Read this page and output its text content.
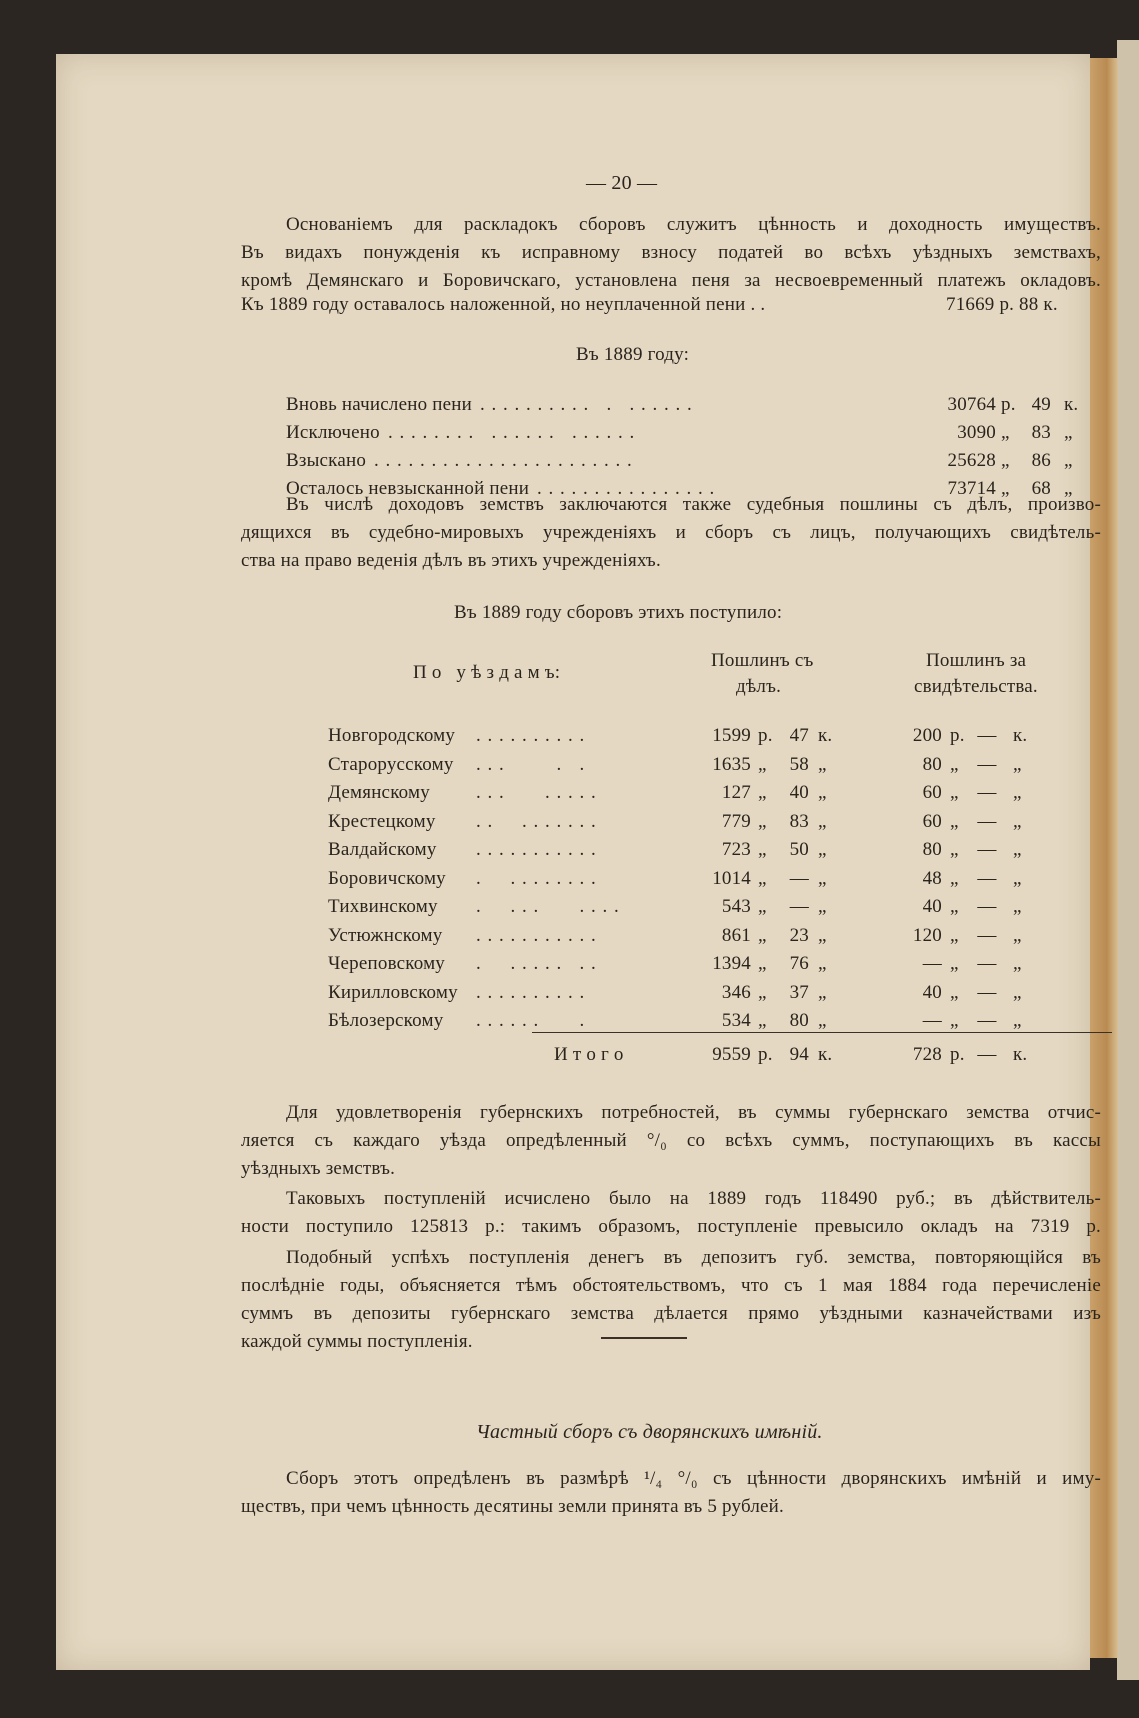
— 20 —
Основаніемъ для раскладокъ сборовъ служитъ цѣнность и доходность имуществъ.
Въ видахъ понужденія къ исправному взносу податей во всѣхъ уѣздныхъ земствахъ,
кромѣ Демянскаго и Боровичскаго, установлена пеня за несвоевременный платежъ окладовъ.
Къ 1889 году оставалось наложенной, но неуплаченной пени . .	71669 р. 88 к.
Въ 1889 году:
Вновь начислено пени . . . . . . . . . .   .   . . . . . .	30764 р. 49 к.
Исключено . . . . . . . .   . . . . . .   . . . . . .	3090 „	83 „
Взыскано . . . . . . . . . . . . . . . . . . . . . . .	25628 „	86 „
Осталось невзысканной пени . . . . . . . . . . . . . . . .	73714 „	68 „
Въ числѣ доходовъ земствъ заключаются также судебныя пошлины съ дѣлъ, произво-
дящихся въ судебно-мировыхъ учрежденіяхъ и сборъ съ лицъ, получающихъ свидѣтель-
ства на право веденія дѣлъ въ этихъ учрежденіяхъ.
Въ 1889 году сборовъ этихъ поступило:
П о   у ѣ з д а м ъ:
Пошлинъ съ
дѣлъ.
Пошлинъ за
свидѣтельства.
Новгородскому . . . . . . . . . .	1599 р. 47 к.	200 р. — к.
Старорусскому . . .         .   .	1635 „	58 „	80 „ — „
Демянскому . . .       . . . . .	127 „	40 „	60 „ — „
Крестецкому . .     . . . . . . .	779 „	83 „	60 „ — „
Валдайскому . . . . . . . . . . .	723 „	50 „	80 „ — „
Боровичскому .     . . . . . . . .	1014 „	— „	48 „ — „
Тихвинскому .     . . .       . . . .	543 „	— „	40 „ — „
Устюжнскому . . . . . . . . . . .	861 „	23 „	120 „ — „
Череповскому .     . . . . .   . .	1394 „	76 „	— „ — „
Кирилловскому . . . . . . . . . .	346 „	37 „	40 „ — „
Бѣлозерскому . . . . . .       .	534 „	80 „	— „ — „
И т о г о	9559 р. 94 к.	728 р. — к.
Для удовлетворенія губернскихъ потребностей, въ суммы губернскаго земства отчис-
ляется съ каждаго уѣзда опредѣленный °/₀ со всѣхъ суммъ, поступающихъ въ кассы
уѣздныхъ земствъ.
Таковыхъ поступленій исчислено было на 1889 годъ 118490 руб.; въ дѣйствитель-
ности поступило 125813 р.: такимъ образомъ, поступленіе превысило окладъ на 7319 р.
Подобный успѣхъ поступленія денегъ въ депозитъ губ. земства, повторяющійся въ
послѣдніе годы, объясняется тѣмъ обстоятельствомъ, что съ 1 мая 1884 года перечисленіе
суммъ въ депозиты губернскаго земства дѣлается прямо уѣздными казначействами изъ
каждой суммы поступленія.
Частный сборъ съ дворянскихъ имѣній.
Сборъ этотъ опредѣленъ въ размѣрѣ ¹/₄ °/₀ съ цѣнности дворянскихъ имѣній и иму-
ществъ, при чемъ цѣнность десятины земли принята въ 5 рублей.
